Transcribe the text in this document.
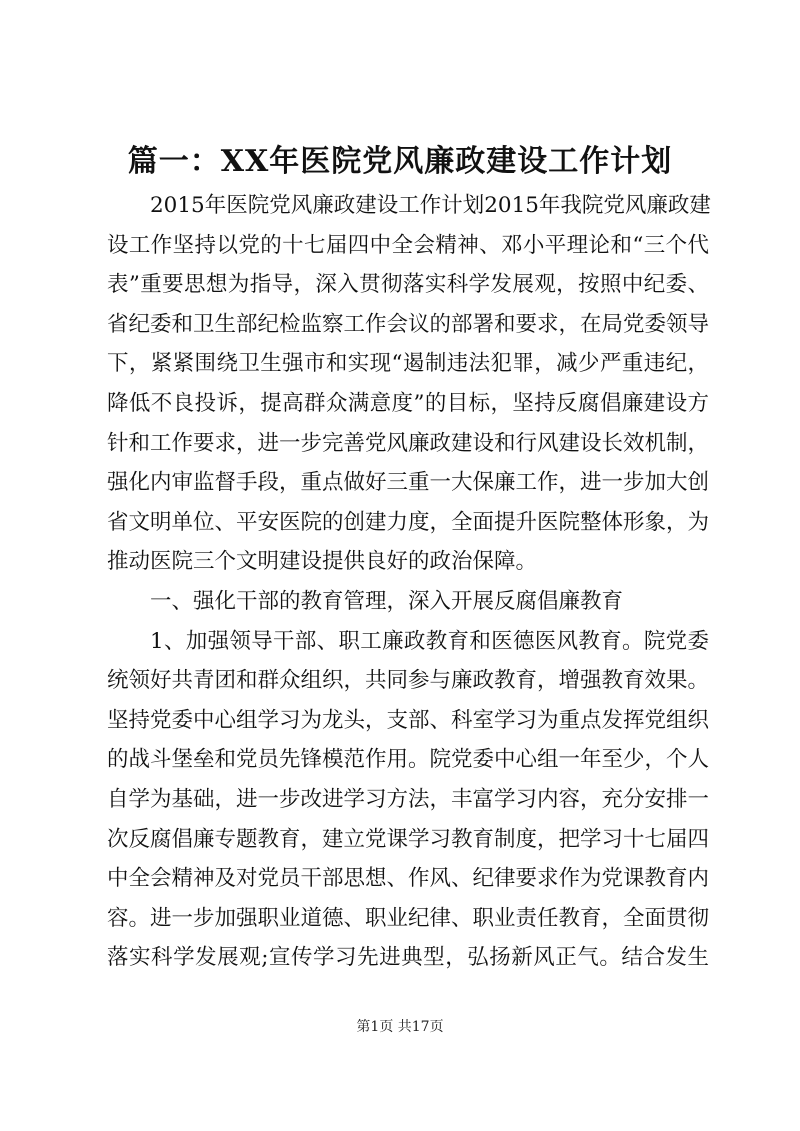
篇一：XX年医院党风廉政建设工作计划
2015年医院党风廉政建设工作计划2015年我院党风廉政建
设工作坚持以党的十七届四中全会精神、邓小平理论和“三个代
表”重要思想为指导，深入贯彻落实科学发展观，按照中纪委、
省纪委和卫生部纪检监察工作会议的部署和要求，在局党委领导
下，紧紧围绕卫生强市和实现“遏制违法犯罪，减少严重违纪，
降低不良投诉，提高群众满意度”的目标，坚持反腐倡廉建设方
针和工作要求，进一步完善党风廉政建设和行风建设长效机制，
强化内审监督手段，重点做好三重一大保廉工作，进一步加大创
省文明单位、平安医院的创建力度，全面提升医院整体形象，为
推动医院三个文明建设提供良好的政治保障。
一、强化干部的教育管理，深入开展反腐倡廉教育
1、加强领导干部、职工廉政教育和医德医风教育。院党委
统领好共青团和群众组织，共同参与廉政教育，增强教育效果。
坚持党委中心组学习为龙头，支部、科室学习为重点发挥党组织
的战斗堡垒和党员先锋模范作用。院党委中心组一年至少，个人
自学为基础，进一步改进学习方法，丰富学习内容，充分安排一
次反腐倡廉专题教育，建立党课学习教育制度，把学习十七届四
中全会精神及对党员干部思想、作风、纪律要求作为党课教育内
容。进一步加强职业道德、职业纪律、职业责任教育，全面贯彻
落实科学发展观;宣传学习先进典型，弘扬新风正气。结合发生

第1页 共17页
